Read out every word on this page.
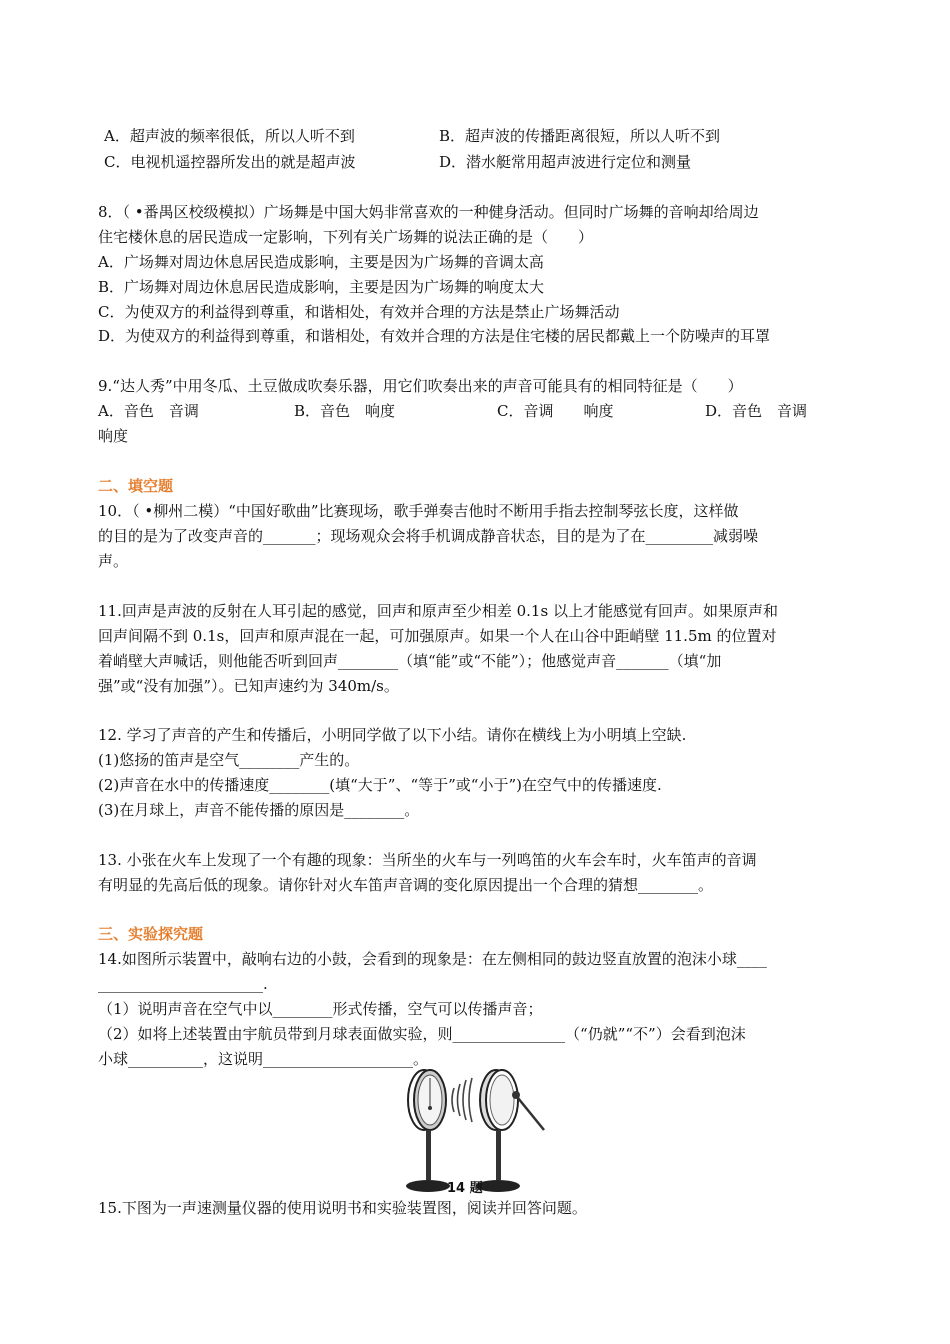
A．超声波的频率很低，所以人听不到	B．超声波的传播距离很短，所以人听不到
C．电视机遥控器所发出的就是超声波	D．潜水艇常用超声波进行定位和测量
8．（ •番禺区校级模拟）广场舞是中国大妈非常喜欢的一种健身活动。但同时广场舞的音响却给周边
住宅楼休息的居民造成一定影响，下列有关广场舞的说法正确的是（　　）
A．广场舞对周边休息居民造成影响，主要是因为广场舞的音调太高
B．广场舞对周边休息居民造成影响，主要是因为广场舞的响度太大
C．为使双方的利益得到尊重，和谐相处，有效并合理的方法是禁止广场舞活动
D．为使双方的利益得到尊重，和谐相处，有效并合理的方法是住宅楼的居民都戴上一个防噪声的耳罩
9.“达人秀”中用冬瓜、土豆做成吹奏乐器，用它们吹奏出来的声音可能具有的相同特征是（　　）
A．音色　音调	B．音色　响度	C．音调　　响度	D．音色　音调
响度
二、填空题
10．（ •柳州二模）“中国好歌曲”比赛现场，歌手弹奏吉他时不断用手指去控制琴弦长度，这样做
的目的是为了改变声音的_______；现场观众会将手机调成静音状态，目的是为了在_________减弱噪
声。
11.回声是声波的反射在人耳引起的感觉，回声和原声至少相差 0.1s 以上才能感觉有回声。如果原声和
回声间隔不到 0.1s，回声和原声混在一起，可加强原声。如果一个人在山谷中距峭壁 11.5m 的位置对
着峭壁大声喊话，则他能否听到回声________（填“能”或“不能”）；他感觉声音_______（填“加
强”或“没有加强”）。已知声速约为 340m/s。
12. 学习了声音的产生和传播后，小明同学做了以下小结。请你在横线上为小明填上空缺.
(1)悠扬的笛声是空气________产生的。
(2)声音在水中的传播速度________(填“大于”、“等于”或“小于”)在空气中的传播速度.
(3)在月球上，声音不能传播的原因是________。
13. 小张在火车上发现了一个有趣的现象：当所坐的火车与一列鸣笛的火车会车时，火车笛声的音调
有明显的先高后低的现象。请你针对火车笛声音调的变化原因提出一个合理的猜想________。
三、实验探究题
14.如图所示装置中，敲响右边的小鼓，会看到的现象是：在左侧相同的鼓边竖直放置的泡沫小球____
______________________.
（1）说明声音在空气中以________形式传播，空气可以传播声音；
（2）如将上述装置由宇航员带到月球表面做实验，则_______________（“仍就”“不”）会看到泡沫
小球__________，这说明____________________。
14 题
15.下图为一声速测量仪器的使用说明书和实验装置图，阅读并回答问题。
